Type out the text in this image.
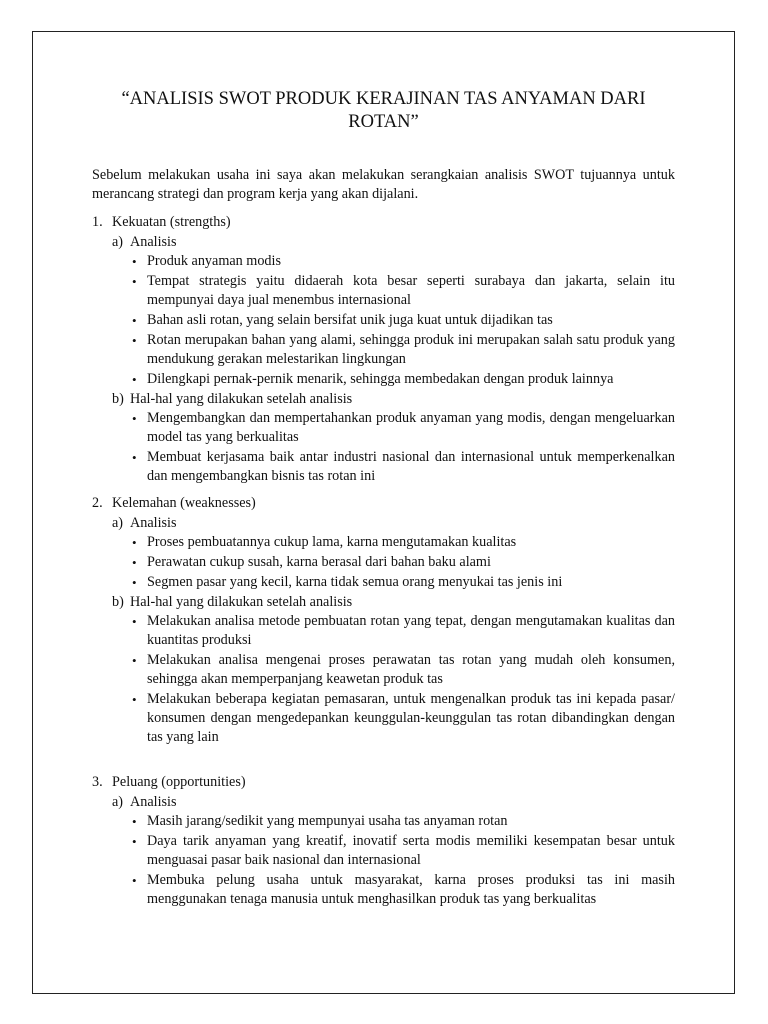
“ANALISIS SWOT PRODUK KERAJINAN TAS ANYAMAN DARI ROTAN”

Sebelum melakukan usaha ini saya akan melakukan serangkaian analisis SWOT tujuannya untuk merancang strategi dan program kerja yang akan dijalani.

1. Kekuatan (strengths)
a) Analisis
• Produk anyaman modis
• Tempat strategis yaitu didaerah kota besar seperti surabaya dan jakarta, selain itu mempunyai daya jual menembus internasional
• Bahan asli rotan, yang selain bersifat unik juga kuat untuk dijadikan tas
• Rotan merupakan bahan yang alami, sehingga produk ini merupakan salah satu produk yang mendukung gerakan melestarikan lingkungan
• Dilengkapi pernak-pernik menarik, sehingga membedakan dengan produk lainnya
b) Hal-hal yang dilakukan setelah analisis
• Mengembangkan dan mempertahankan produk anyaman yang modis, dengan mengeluarkan model tas yang berkualitas
• Membuat kerjasama baik antar industri nasional dan internasional untuk memperkenalkan dan mengembangkan bisnis tas rotan ini
2. Kelemahan (weaknesses)
a) Analisis
• Proses pembuatannya cukup lama, karna mengutamakan kualitas
• Perawatan cukup susah, karna berasal dari bahan baku alami
• Segmen pasar yang kecil, karna tidak semua orang menyukai tas jenis ini
b) Hal-hal yang dilakukan setelah analisis
• Melakukan analisa metode pembuatan rotan yang tepat, dengan mengutamakan kualitas dan kuantitas produksi
• Melakukan analisa mengenai proses perawatan tas rotan yang mudah oleh konsumen, sehingga akan memperpanjang keawetan produk tas
• Melakukan beberapa kegiatan pemasaran, untuk mengenalkan produk tas ini kepada pasar/ konsumen dengan mengedepankan keunggulan-keunggulan tas rotan dibandingkan dengan tas yang lain
3. Peluang (opportunities)
a) Analisis
• Masih jarang/sedikit yang mempunyai usaha tas anyaman rotan
• Daya tarik anyaman yang kreatif, inovatif serta modis memiliki kesempatan besar untuk menguasai pasar baik nasional dan internasional
• Membuka pelung usaha untuk masyarakat, karna proses produksi tas ini masih menggunakan tenaga manusia untuk menghasilkan produk tas yang berkualitas
